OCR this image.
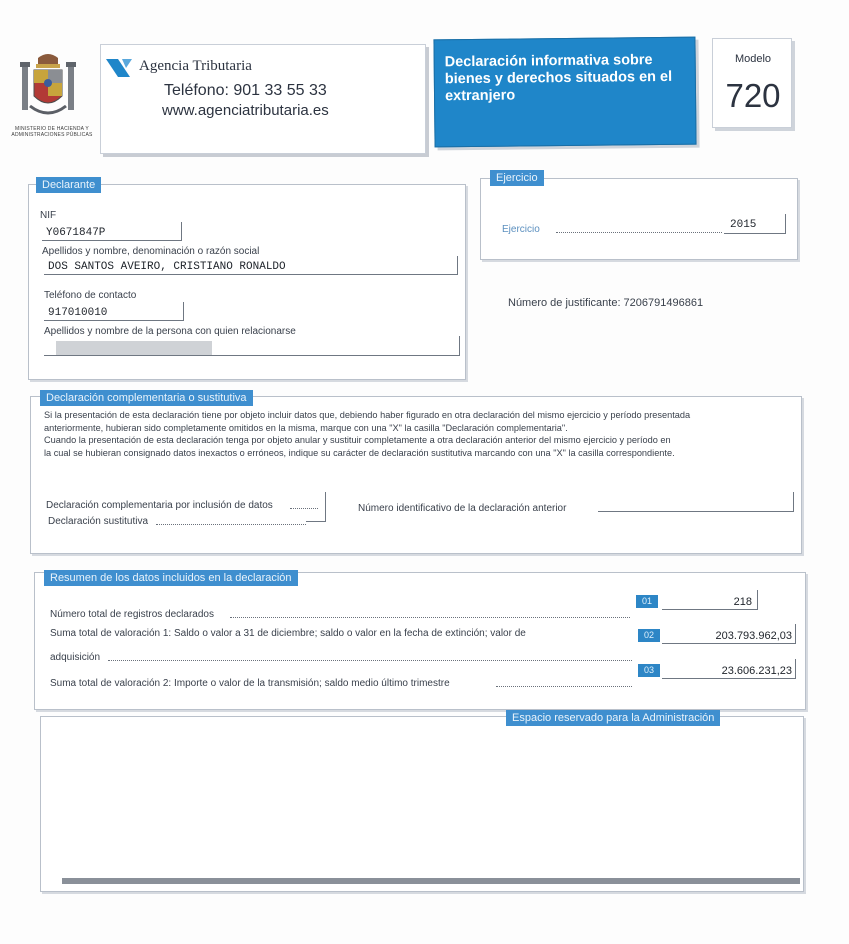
MINISTERIO DE HACIENDA Y ADMINISTRACIONES PÚBLICAS
Agencia Tributaria
Teléfono: 901 33 55 33
www.agenciatributaria.es
Declaración informativa sobre bienes y derechos situados en el extranjero
Modelo
720
Declarante
NIF
Y0671847P
Apellidos y nombre, denominación o razón social
DOS SANTOS AVEIRO, CRISTIANO RONALDO
Teléfono de contacto
917010010
Apellidos y nombre de la persona con quien relacionarse
Ejercicio
Ejercicio	2015
Número de justificante: 7206791496861
Declaración complementaria o sustitutiva
Si la presentación de esta declaración tiene por objeto incluir datos que, debiendo haber figurado en otra declaración del mismo ejercicio y período presentada
anteriormente, hubieran sido completamente omitidos en la misma, marque con una "X" la casilla "Declaración complementaria".
Cuando la presentación de esta declaración tenga por objeto anular y sustituir completamente a otra declaración anterior del mismo ejercicio y período en
la cual se hubieran consignado datos inexactos o erróneos, indique su carácter de declaración sustitutiva marcando con una "X" la casilla correspondiente.
Declaración complementaria por inclusión de datos
Declaración sustitutiva
Número identificativo de la declaración anterior
Resumen de los datos incluidos en la declaración
Número total de registros declarados
01	218
Suma total de valoración 1: Saldo o valor a 31 de diciembre; saldo o valor en la fecha de extinción; valor de
adquisición
02	203.793.962,03
Suma total de valoración 2: Importe o valor de la transmisión; saldo medio último trimestre
03	23.606.231,23
Espacio reservado para la Administración
